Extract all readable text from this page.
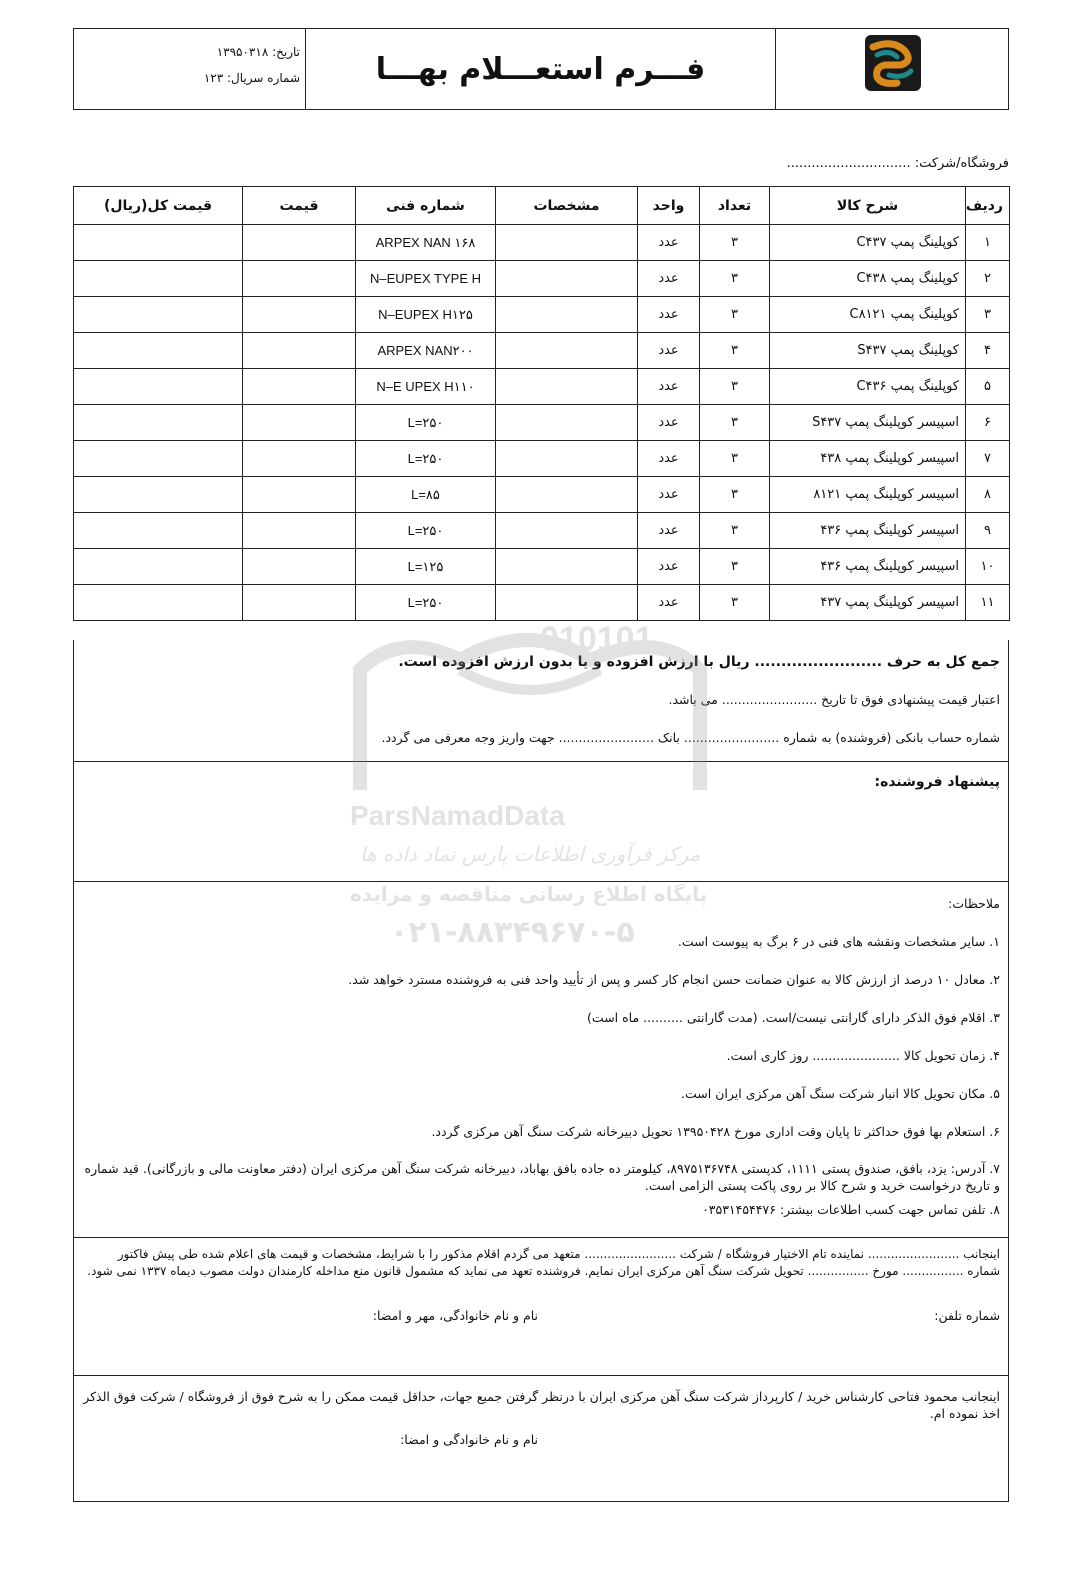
فـــرم استعـــلام بهـــا
تاریخ: ۱۳۹۵۰۳۱۸
شماره سریال: ۱۲۳
فروشگاه/شرکت: ..............................
ردیف	شرح کالا	تعداد	واحد	مشخصات	شماره فنی	قیمت	قیمت کل(ریال)
۱	کوپلینگ پمپ C۴۳۷	۳	عدد		ARPEX NAN ۱۶۸		
۲	کوپلینگ پمپ C۴۳۸	۳	عدد		N–EUPEX TYPE H		
۳	کوپلینگ پمپ C۸۱۲۱	۳	عدد		N–EUPEX H۱۲۵		
۴	کوپلینگ پمپ S۴۳۷	۳	عدد		ARPEX NAN۲۰۰		
۵	کوپلینگ پمپ C۴۳۶	۳	عدد		N–E UPEX H۱۱۰		
۶	اسپیسر کوپلینگ پمپ S۴۳۷	۳	عدد		L=۲۵۰		
۷	اسپیسر کوپلینگ پمپ ۴۳۸	۳	عدد		L=۲۵۰		
۸	اسپیسر کوپلینگ پمپ ۸۱۲۱	۳	عدد		L=۸۵		
۹	اسپیسر کوپلینگ پمپ ۴۳۶	۳	عدد		L=۲۵۰		
۱۰	اسپیسر کوپلینگ پمپ ۴۳۶	۳	عدد		L=۱۲۵		
۱۱	اسپیسر کوپلینگ پمپ ۴۳۷	۳	عدد		L=۲۵۰		
جمع کل به حرف ........................ ریال با ارزش افزوده و یا بدون ارزش افزوده است.
اعتبار قیمت پیشنهادی فوق تا تاریخ ........................ می باشد.
شماره حساب بانکی (فروشنده) به شماره ........................ بانک ........................ جهت واریز وجه معرفی می گردد.
پیشنهاد فروشنده:
ملاحظات:
۱. سایر مشخصات ونقشه های فنی در ۶ برگ به پیوست است.
۲. معادل ۱۰ درصد از ارزش کالا به عنوان ضمانت حسن انجام کار کسر و پس از تأیید واحد فنی به فروشنده مسترد خواهد شد.
۳. اقلام فوق الذکر دارای گارانتی نیست/است. (مدت گارانتی .......... ماه است)
۴. زمان تحویل کالا ...................... روز کاری است.
۵. مکان تحویل کالا انبار شرکت سنگ آهن مرکزی ایران است.
۶. استعلام بها فوق حداکثر تا پایان وقت اداری مورخ ۱۳۹۵۰۴۲۸ تحویل دبیرخانه شرکت سنگ آهن مرکزی گردد.
۷. آدرس: یزد، بافق، صندوق پستی ۱۱۱۱، کدپستی ۸۹۷۵۱۳۶۷۴۸، کیلومتر ده جاده بافق بهاباد، دبیرخانه شرکت سنگ آهن مرکزی ایران (دفتر معاونت مالی و بازرگانی). قید شماره و تاریخ درخواست خرید و شرح کالا بر روی پاکت پستی الزامی است.
۸. تلفن تماس جهت کسب اطلاعات بیشتر: ۰۳۵۳۱۴۵۴۴۷۶
اینجانب ........................ نماینده تام الاختیار فروشگاه / شرکت ........................ متعهد می گردم اقلام مذکور را با شرایط، مشخصات و قیمت های اعلام شده طی پیش فاکتور شماره ................ مورخ ................ تحویل شرکت سنگ آهن مرکزی ایران نمایم. فروشنده تعهد می نماید که مشمول قانون منع مداخله کارمندان دولت مصوب دیماه ۱۳۳۷ نمی شود.
شماره تلفن:
نام و نام خانوادگی، مهر و امضا:
اینجانب محمود فتاحی کارشناس خرید / کارپرداز شرکت سنگ آهن مرکزی ایران با درنظر گرفتن جمیع جهات، حداقل قیمت ممکن را به شرح فوق از فروشگاه / شرکت فوق الذکر اخذ نموده ام.
نام و نام خانوادگی و امضا:
010101
ParsNamadData
مرکز فرآوری اطلاعات پارس نماد داده ها
پایگاه اطلاع رسانی مناقصه و مزایده
۰۲۱-۸۸۳۴۹۶۷۰-۵
